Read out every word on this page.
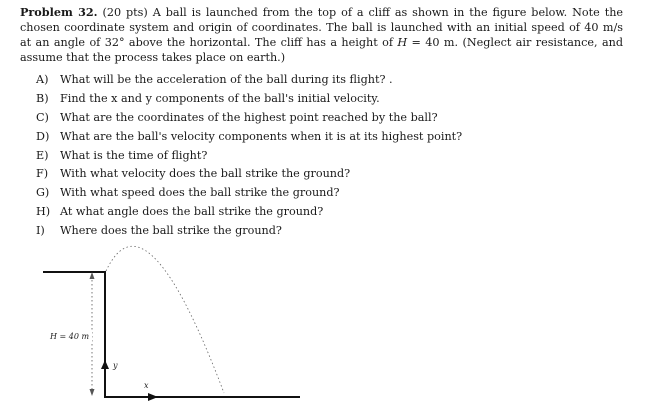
Problem 32. (20 pts) A ball is launched from the top of a cliff as shown in the figure below. Note the chosen coordinate system and origin of coordinates. The ball is launched with an initial speed of 40 m/s at an angle of 32° above the horizontal. The cliff has a height of H = 40 m. (Neglect air resistance, and assume that the process takes place on earth.)
A)	What will be the acceleration of the ball during its flight? .
B)	Find the x and y components of the ball's initial velocity.
C) What are the coordinates of the highest point reached by the ball?
D) What are the ball's velocity components when it is at its highest point?
E)	What is the time of flight?
F)	With what velocity does the ball strike the ground?
G) With what speed does the ball strike the ground?
H) At what angle does the ball strike the ground?
I)	Where does the ball strike the ground?
H = 40 m
y
x
